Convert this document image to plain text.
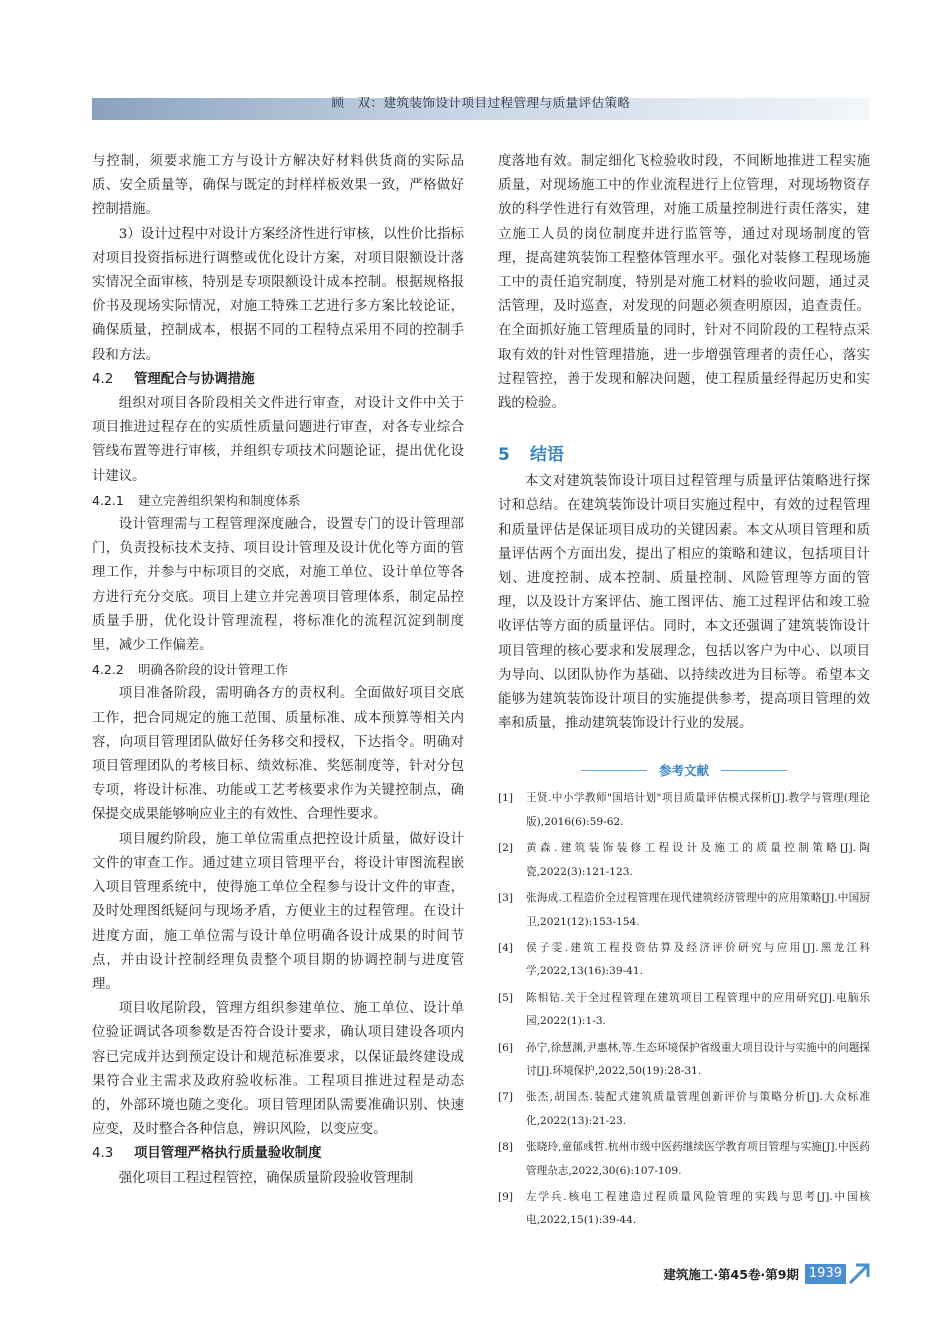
顾　双：建筑装饰设计项目过程管理与质量评估策略

与控制，须要求施工方与设计方解决好材料供货商的实际品质、安全质量等，确保与既定的封样样板效果一致，严格做好控制措施。

3）设计过程中对设计方案经济性进行审核，以性价比指标对项目投资指标进行调整或优化设计方案，对项目限额设计落实情况全面审核，特别是专项限额设计成本控制。根据规格报价书及现场实际情况，对施工特殊工艺进行多方案比较论证，确保质量，控制成本，根据不同的工程特点采用不同的控制手段和方法。

4.2 管理配合与协调措施

组织对项目各阶段相关文件进行审查，对设计文件中关于项目推进过程存在的实质性质量问题进行审查，对各专业综合管线布置等进行审核，并组织专项技术问题论证，提出优化设计建议。

4.2.1 建立完善组织架构和制度体系

设计管理需与工程管理深度融合，设置专门的设计管理部门，负责投标技术支持、项目设计管理及设计优化等方面的管理工作，并参与中标项目的交底，对施工单位、设计单位等各方进行充分交底。项目上建立并完善项目管理体系，制定品控质量手册，优化设计管理流程，将标准化的流程沉淀到制度里，减少工作偏差。

4.2.2 明确各阶段的设计管理工作

项目准备阶段，需明确各方的责权利。全面做好项目交底工作，把合同规定的施工范围、质量标准、成本预算等相关内容，向项目管理团队做好任务移交和授权，下达指令。明确对项目管理团队的考核目标、绩效标准、奖惩制度等，针对分包专项，将设计标准、功能或工艺考核要求作为关键控制点，确保提交成果能够响应业主的有效性、合理性要求。

项目履约阶段，施工单位需重点把控设计质量，做好设计文件的审查工作。通过建立项目管理平台，将设计审图流程嵌入项目管理系统中，使得施工单位全程参与设计文件的审查，及时处理图纸疑问与现场矛盾，方便业主的过程管理。在设计进度方面，施工单位需与设计单位明确各设计成果的时间节点，并由设计控制经理负责整个项目期的协调控制与进度管理。

项目收尾阶段，管理方组织参建单位、施工单位、设计单位验证调试各项参数是否符合设计要求，确认项目建设各项内容已完成并达到预定设计和规范标准要求，以保证最终建设成果符合业主需求及政府验收标准。工程项目推进过程是动态的，外部环境也随之变化。项目管理团队需要准确识别、快速应变，及时整合各种信息，辨识风险，以变应变。

4.3 项目管理严格执行质量验收制度

强化项目工程过程管控，确保质量阶段验收管理制

度落地有效。制定细化飞检验收时段，不间断地推进工程实施质量，对现场施工中的作业流程进行上位管理，对现场物资存放的科学性进行有效管理，对施工质量控制进行责任落实，建立施工人员的岗位制度并进行监管等，通过对现场制度的管理，提高建筑装饰工程整体管理水平。强化对装修工程现场施工中的责任追究制度，特别是对施工材料的验收问题，通过灵活管理，及时巡查，对发现的问题必须查明原因，追查责任。在全面抓好施工管理质量的同时，针对不同阶段的工程特点采取有效的针对性管理措施，进一步增强管理者的责任心，落实过程管控，善于发现和解决问题，使工程质量经得起历史和实践的检验。

5 结语

本文对建筑装饰设计项目过程管理与质量评估策略进行探讨和总结。在建筑装饰设计项目实施过程中，有效的过程管理和质量评估是保证项目成功的关键因素。本文从项目管理和质量评估两个方面出发，提出了相应的策略和建议，包括项目计划、进度控制、成本控制、质量控制、风险管理等方面的管理，以及设计方案评估、施工图评估、施工过程评估和竣工验收评估等方面的质量评估。同时，本文还强调了建筑装饰设计项目管理的核心要求和发展理念，包括以客户为中心、以项目为导向、以团队协作为基础、以持续改进为目标等。希望本文能够为建筑装饰设计项目的实施提供参考，提高项目管理的效率和质量，推动建筑装饰设计行业的发展。

参考文献
[1] 王贤.中小学教师"国培计划"项目质量评估模式探析[J].教学与管理(理论版),2016(6):59-62.
[2] 黄森.建筑装饰装修工程设计及施工的质量控制策略[J].陶瓷,2022(3):121-123.
[3] 张海成.工程造价全过程管理在现代建筑经济管理中的应用策略[J].中国厨卫,2021(12):153-154.
[4] 侯子雯.建筑工程投资估算及经济评价研究与应用[J].黑龙江科学,2022,13(16):39-41.
[5] 陈相钻.关于全过程管理在建筑项目工程管理中的应用研究[J].电脑乐园,2022(1):1-3.
[6] 孙宁,徐慧渊,尹惠林,等.生态环境保护省级重大项目设计与实施中的问题探讨[J].环境保护,2022,50(19):28-31.
[7] 张杰,胡国杰.装配式建筑质量管理创新评价与策略分析[J].大众标准化,2022(13):21-23.
[8] 张晓玲,童郁彧哲.杭州市级中医药继续医学教育项目管理与实施[J].中医药管理杂志,2022,30(6):107-109.
[9] 左学兵.核电工程建造过程质量风险管理的实践与思考[J].中国核电,2022,15(1):39-44.
建筑施工·第45卷·第9期 1939
